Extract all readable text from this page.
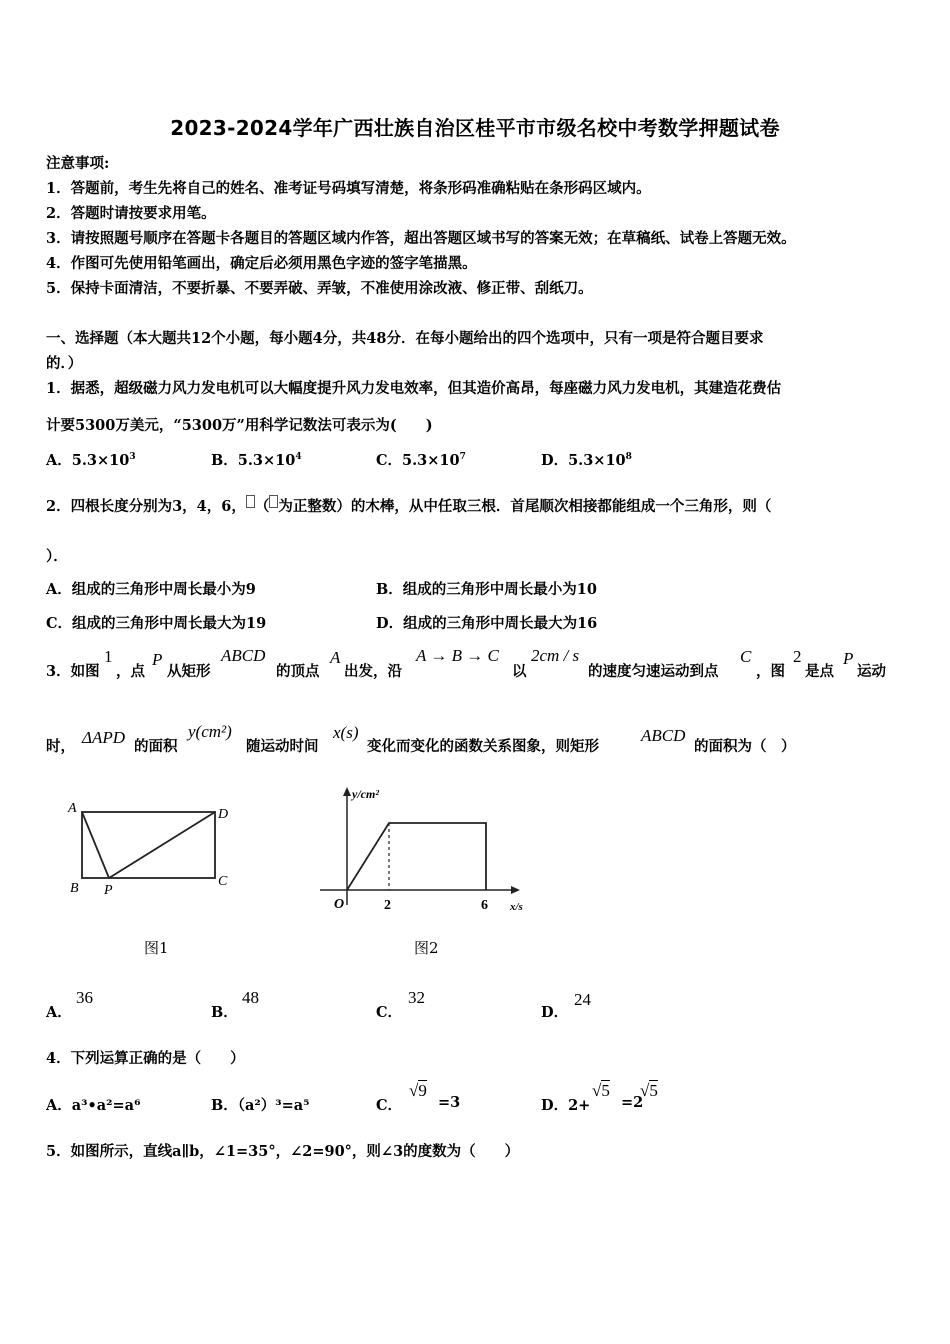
2023-2024学年广西壮族自治区桂平市市级名校中考数学押题试卷
注意事项:
1．答题前，考生先将自己的姓名、准考证号码填写清楚，将条形码准确粘贴在条形码区域内。
2．答题时请按要求用笔。
3．请按照题号顺序在答题卡各题目的答题区域内作答，超出答题区域书写的答案无效；在草稿纸、试卷上答题无效。
4．作图可先使用铅笔画出，确定后必须用黑色字迹的签字笔描黑。
5．保持卡面清洁，不要折暴、不要弄破、弄皱，不准使用涂改液、修正带、刮纸刀。
一、选择题（本大题共12个小题，每小题4分，共48分．在每小题给出的四个选项中，只有一项是符合题目要求
的．）
1．据悉，超级磁力风力发电机可以大幅度提升风力发电效率，但其造价高昂，每座磁力风力发电机，其建造花费估
计要5300万美元，“5300万”用科学记数法可表示为(　　)
A．$5.3\times 10^3$	B．$5.3\times 10^4$	C．$5.3\times 10^7$	D．$5.3\times 10^8$
2．四根长度分别为3，4，6， （ 为正整数）的木棒，从中任取三根．首尾顺次相接都能组成一个三角形，则（
）．
A．组成的三角形中周长最小为9	B．组成的三角形中周长最小为10
C．组成的三角形中周长最大为19	D．组成的三角形中周长最大为16
3．如图
1
，点
P
从矩形
ABCD
的顶点
A
出发，沿
A → B → C
以
2cm / s
的速度匀速运动到点
C
，图
2
是点
P
运动
时， ΔAPD 的面积
y(cm²)
随运动时间
x(s)
变化而变化的函数关系图象，则矩形
ABCD
的面积为（　）
A	D
B P
C
图1
y/cm²
x/s
O	2	6
图2
A．
36
B．
48
C．
32
D．
24
4．下列运算正确的是（　　）
A．a³•a²=a⁶	B．（a²）³=a⁵	C．
√9
=3	D．2+
√5
=2
√5
5．如图所示，直线a∥b，∠1=35°，∠2=90°，则∠3的度数为（　　）
